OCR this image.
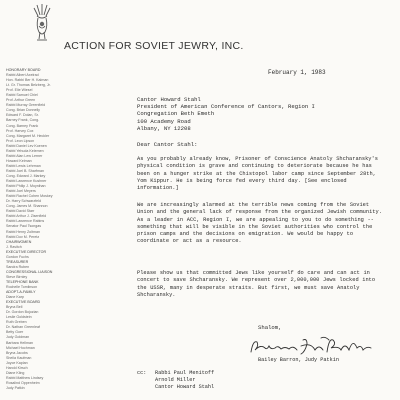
ACTION FOR SOVIET JEWRY, INC.
HONORARY BOARD
Rabbi Albert Axelrad
Hon. Rabbi Ber H. Kalman
Lt. Gr. Thomas Belzberg, Jr.
Prof. Elie Wiesel
Rabbi Samuel Chiel
Prof. Arthur Green
Rabbi Murray Greenfield
Cong. Brian Donnelly
Edward F. Dolan, Sr.
Barney Frank, Cong.
Cong. Barney Frank
Prof. Harvey Cox
Cong. Margaret M. Heckler
Prof. Leon Lipson
Rabbi Daniel Lev Koenen
Rabbi Yehuda Kelemen
Rabbi Alan Lew Lerner
Howard Kelman
Rabbi Lewis Lehrman
Rabbi Joel B. Sharfman
Cong. Edward J. Markey
Rabbi Lawrence Kushner
Rabbi Philip J. Moynihan
Rabbi Joel Meyers
Rabbi Rachel Cohen Moskey
Dr. Harry Schwarzfeld
Cong. James M. Shannon
Rabbi David Starr
Rabbi Arthur J. Zisenfield
Rabbi Lawrence Rabins
Senator Paul Tsongas
Rabbi Henry Zoltman
Rabbi Dov M. Peretz
CHAIRWOMEN
J. Ravitch
EXECUTIVE DIRECTOR
Gordon Fuchs
TREASURER
Sandra Ruben
CONGRESSIONAL LIAISON
Steve Birnley
TELEPHONE BANK
Rochelle Tomlinson
ADOPT-A-FAMILY
Diane Karp
EXECUTIVE BOARD
Bryna Bell
Dr. Gordon Bojozian
Leslie Goldstein
Ruth Greben
Dr. Nathan Greenleaf
Betty Goer
Judy Goldman
Barbara Hellman
Michael Hochman
Bryna Jacobs
Sheila Kaufman
Joyce Kaplan
Harold Kirsch
Diane Kling
Rabbi Matthew Lindsey
Rosalind Oppenheim
Judy Patkin
February 1, 1983
Cantor Howard Stahl
President of American Conference of Cantors, Region I
Congregation Beth Emeth
100 Academy Road
Albany, NY 12208
Dear Cantor Stahl:
As you probably already know, Prisoner of Conscience Anatoly Shcharansky's physical condition is grave and continuing to deteriorate because he has been on a hunger strike at the Chistopol labor camp since September 28th, Yom Kippur. He is being force fed every third day. [See enclosed information.]
We are increasingly alarmed at the terrible news coming from the Soviet Union and the general lack of response from the organized Jewish community. As a leader in ACC, Region I, we are appealing to you to do something -- something that will be visible in the Soviet authorities who control the prison camps and the decisions on emigration. We would be happy to coordinate or act as a resource.
Please show us that committed Jews like yourself do care and can act in concert to save Shcharansky. We represent over 2,000,000 Jews locked into the USSR, many in desperate straits. But first, we must save Anatoly Shcharansky.
Shalom,
Bailey Barron, Judy Patkin
cc: Rabbi Paul Menitoff
Arnold Miller
Cantor Howard Stahl
